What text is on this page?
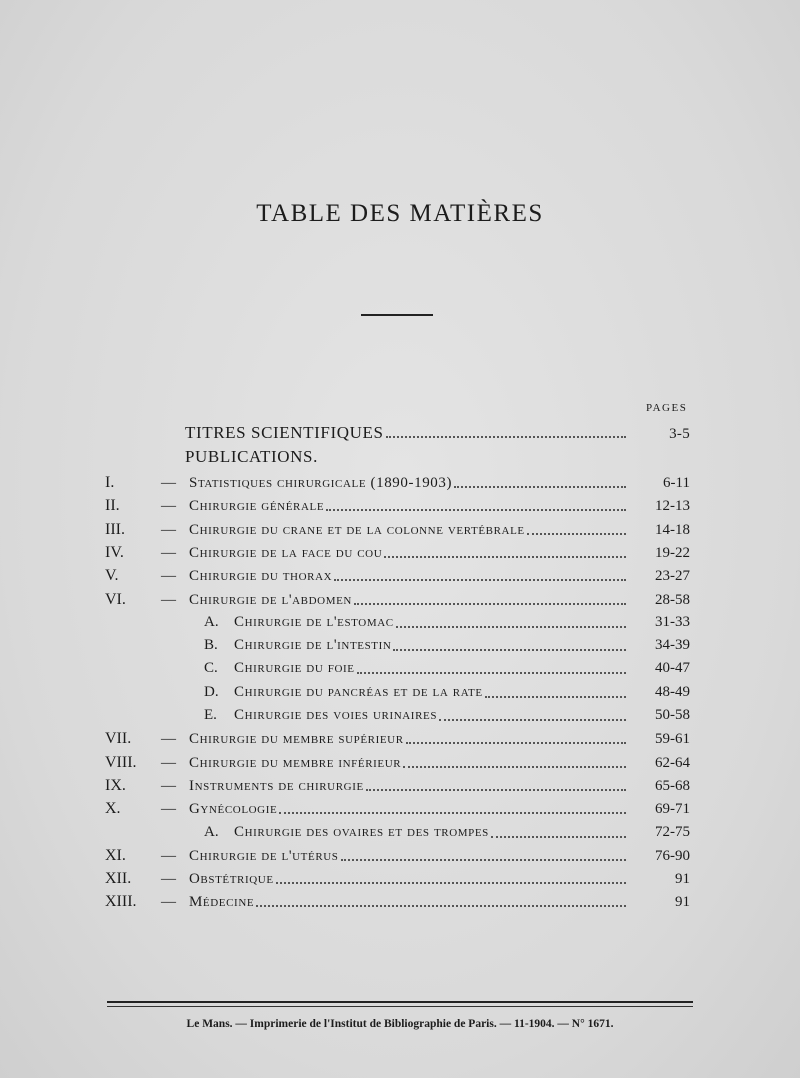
TABLE DES MATIÈRES
PAGES
TITRES SCIENTIFIQUES	3-5
PUBLICATIONS.
I.	— Statistiques chirurgicale (1890-1903)	6-11
II.	— Chirurgie générale	12-13
III.	— Chirurgie du crane et de la colonne vertébrale	14-18
IV.	— Chirurgie de la face du cou	19-22
V.	— Chirurgie du thorax	23-27
VI.	— Chirurgie de l'abdomen	28-58
A.	Chirurgie de l'estomac	31-33
B.	Chirurgie de l'intestin	34-39
C.	Chirurgie du foie	40-47
D.	Chirurgie du pancréas et de la rate	48-49
E.	Chirurgie des voies urinaires	50-58
VII.	— Chirurgie du membre supérieur	59-61
VIII.	— Chirurgie du membre inférieur	62-64
IX.	— Instruments de chirurgie	65-68
X.	— Gynécologie	69-71
A.	Chirurgie des ovaires et des trompes	72-75
XI.	— Chirurgie de l'utérus	76-90
XII.	— Obstétrique	91
XIII.	— Médecine	91
Le Mans. — Imprimerie de l'Institut de Bibliographie de Paris. — 11-1904. — N° 1671.
